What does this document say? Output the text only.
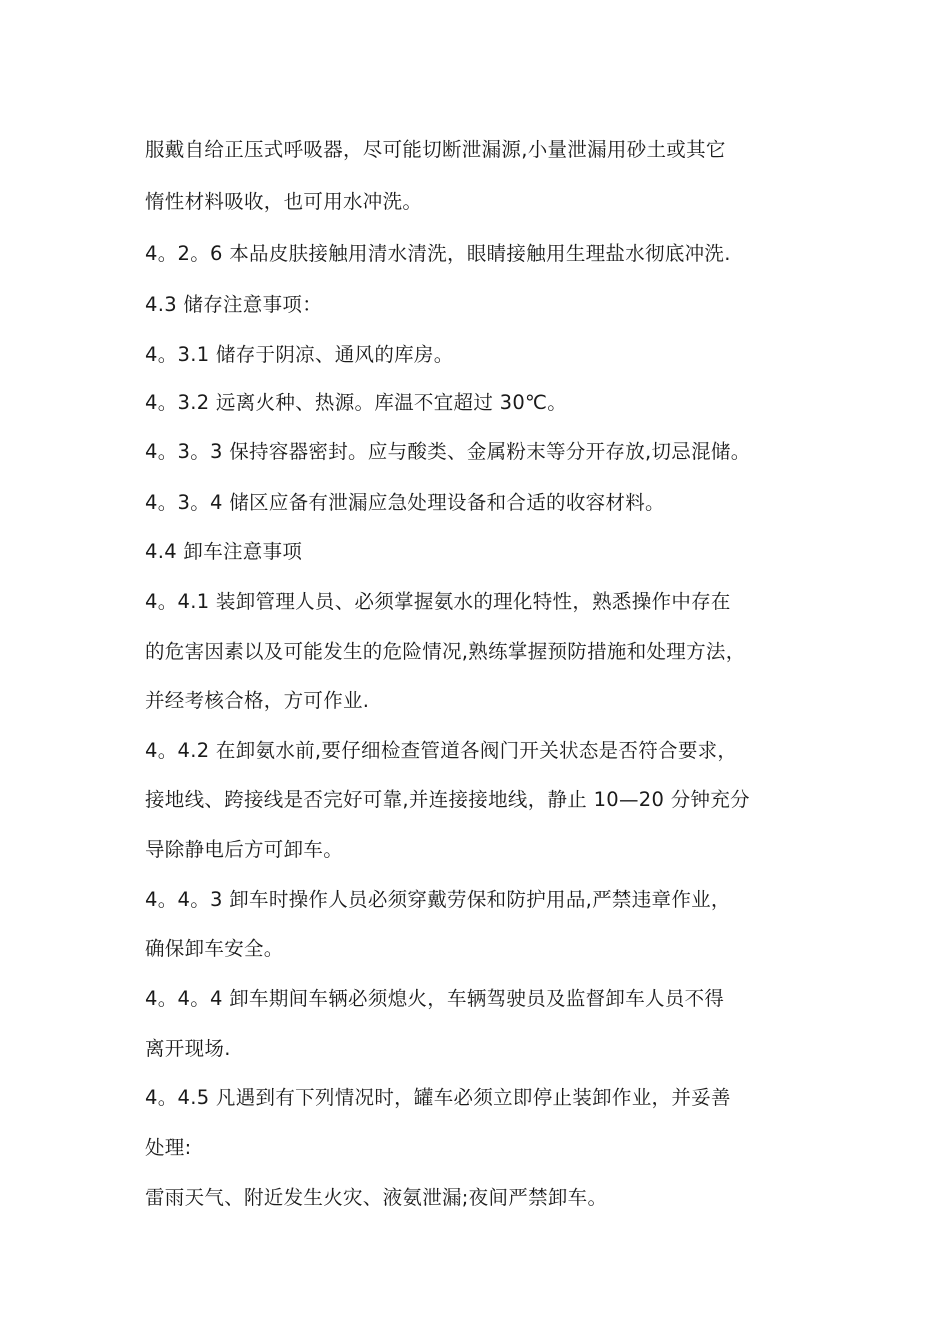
服戴自给正压式呼吸器，尽可能切断泄漏源,小量泄漏用砂土或其它
惰性材料吸收，也可用水冲洗。
4。2。6 本品皮肤接触用清水清洗，眼睛接触用生理盐水彻底冲洗.
4.3 储存注意事项：
4。3.1 储存于阴凉、通风的库房。
4。3.2 远离火种、热源。库温不宜超过 30℃。
4。3。3 保持容器密封。应与酸类、金属粉末等分开存放,切忌混储。
4。3。4 储区应备有泄漏应急处理设备和合适的收容材料。
4.4 卸车注意事项
4。4.1 装卸管理人员、必须掌握氨水的理化特性，熟悉操作中存在
的危害因素以及可能发生的危险情况,熟练掌握预防措施和处理方法，
并经考核合格，方可作业.
4。4.2 在卸氨水前,要仔细检查管道各阀门开关状态是否符合要求，
接地线、跨接线是否完好可靠,并连接接地线，静止 10—20 分钟充分
导除静电后方可卸车。
4。4。3 卸车时操作人员必须穿戴劳保和防护用品,严禁违章作业，
确保卸车安全。
4。4。4 卸车期间车辆必须熄火，车辆驾驶员及监督卸车人员不得
离开现场.
4。4.5 凡遇到有下列情况时，罐车必须立即停止装卸作业，并妥善
处理:
雷雨天气、附近发生火灾、液氨泄漏;夜间严禁卸车。
